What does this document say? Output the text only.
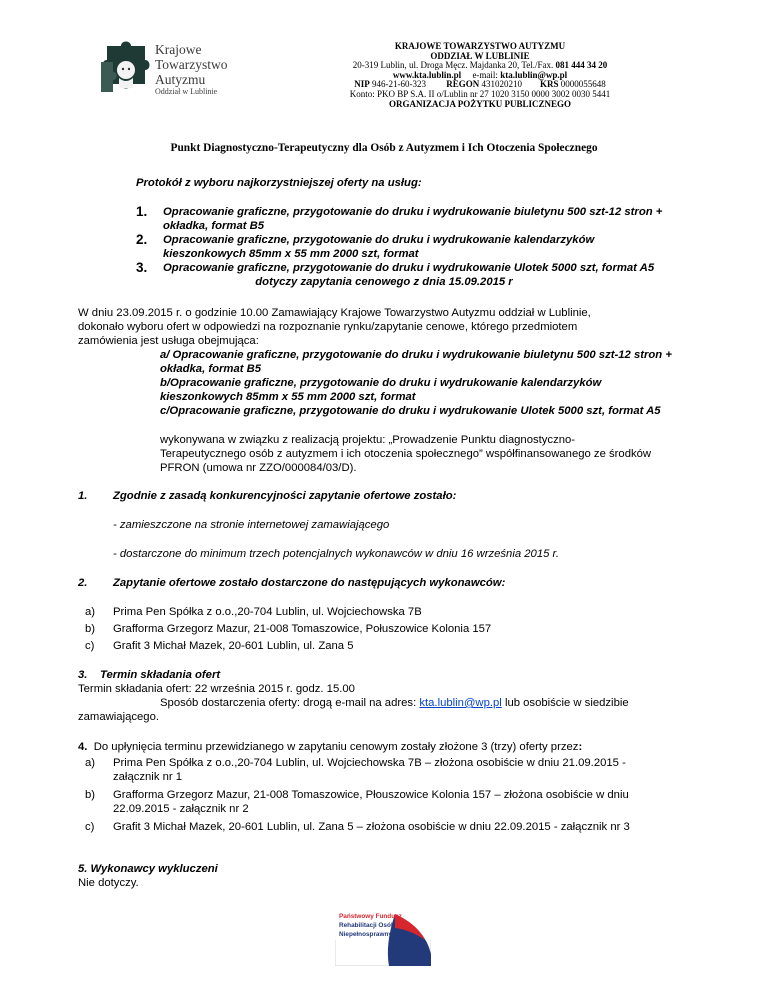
Krajowe
Towarzystwo
Autyzmu
Oddział w Lublinie
KRAJOWE TOWARZYSTWO AUTYZMU
ODDZIAŁ W LUBLINIE
20-319 Lublin, ul. Droga Męcz. Majdanka 20, Tel./Fax. 081 444 34 20
www.kta.lublin.pl e-mail: kta.lublin@wp.pl
NIP 946-21-60-323 REGON 431020210 KRS 0000055648
Konto: PKO BP S.A. II o/Lublin nr 27 1020 3150 0000 3002 0030 5441
ORGANIZACJA POŻYTKU PUBLICZNEGO
Punkt Diagnostyczno-Terapeutyczny dla Osób z Autyzmem i Ich Otoczenia Społecznego
Protokół z wyboru najkorzystniejszej oferty na usług:
1. Opracowanie graficzne, przygotowanie do druku i wydrukowanie biuletynu 500 szt-12 stron +
okładka, format B5
2. Opracowanie graficzne, przygotowanie do druku i wydrukowanie kalendarzyków
kieszonkowych 85mm x 55 mm 2000 szt, format
3. Opracowanie graficzne, przygotowanie do druku i wydrukowanie Ulotek 5000 szt, format A5
dotyczy zapytania cenowego z dnia 15.09.2015 r
W dniu 23.09.2015 r. o godzinie 10.00 Zamawiający Krajowe Towarzystwo Autyzmu oddział w Lublinie,
dokonało wyboru ofert w odpowiedzi na rozpoznanie rynku/zapytanie cenowe, którego przedmiotem
zamówienia jest usługa obejmująca:
a/ Opracowanie graficzne, przygotowanie do druku i wydrukowanie biuletynu 500 szt-12 stron +
okładka, format B5
b/Opracowanie graficzne, przygotowanie do druku i wydrukowanie kalendarzyków
kieszonkowych 85mm x 55 mm 2000 szt, format
c/Opracowanie graficzne, przygotowanie do druku i wydrukowanie Ulotek 5000 szt, format A5
wykonywana w związku z realizacją projektu: „Prowadzenie Punktu diagnostyczno-
Terapeutycznego osób z autyzmem i ich otoczenia społecznego” współfinansowanego ze środków
PFRON (umowa nr ZZO/000084/03/D).
1. Zgodnie z zasadą konkurencyjności zapytanie ofertowe zostało:
- zamieszczone na stronie internetowej zamawiającego
- dostarczone do minimum trzech potencjalnych wykonawców w dniu 16 września 2015 r.
2. Zapytanie ofertowe zostało dostarczone do następujących wykonawców:
a) Prima Pen Spółka z o.o.,20-704 Lublin, ul. Wojciechowska 7B
b) Grafforma Grzegorz Mazur, 21-008 Tomaszowice, Połuszowice Kolonia 157
c) Grafit 3 Michał Mazek, 20-601 Lublin, ul. Zana 5
3. Termin składania ofert
Termin składania ofert: 22 września 2015 r. godz. 15.00
Sposób dostarczenia oferty: drogą e-mail na adres: kta.lublin@wp.pl lub osobiście w siedzibie
zamawiającego.
4. Do upłynięcia terminu przewidzianego w zapytaniu cenowym zostały złożone 3 (trzy) oferty przez:
a) Prima Pen Spółka z o.o.,20-704 Lublin, ul. Wojciechowska 7B – złożona osobiście w dniu 21.09.2015 -
załącznik nr 1
b) Grafforma Grzegorz Mazur, 21-008 Tomaszowice, Płouszowice Kolonia 157 – złożona osobiście w dniu
22.09.2015 - załącznik nr 2
c) Grafit 3 Michał Mazek, 20-601 Lublin, ul. Zana 5 – złożona osobiście w dniu 22.09.2015 - załącznik nr 3
5. Wykonawcy wykluczeni
Nie dotyczy.
Państwowy Fundusz
Rehabilitacji Osób
Niepełnosprawnych
